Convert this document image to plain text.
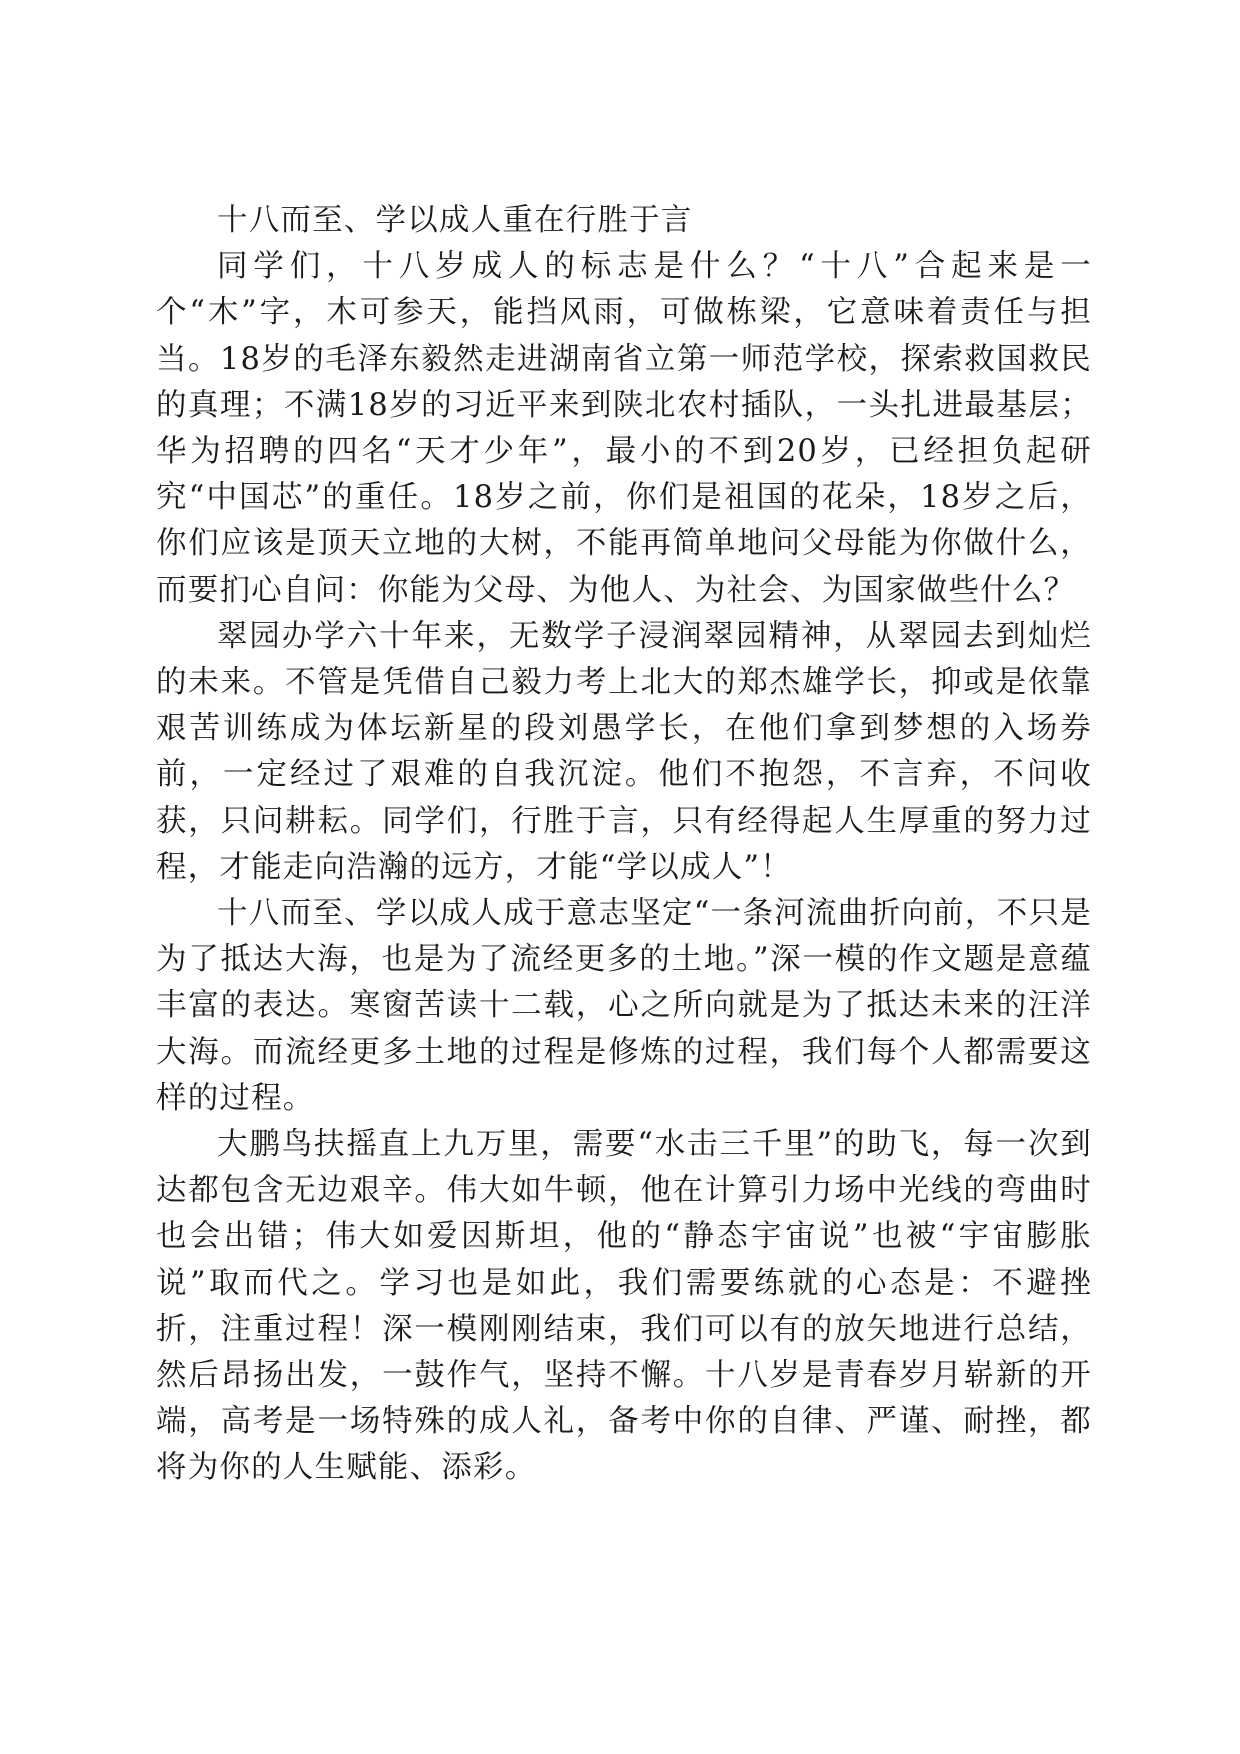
十八而至、学以成人重在行胜于言

同学们，十八岁成人的标志是什么？“十八”合起来是一个“木”字，木可参天，能挡风雨，可做栋梁，它意味着责任与担当。18岁的毛泽东毅然走进湖南省立第一师范学校，探索救国救民的真理；不满18岁的习近平来到陕北农村插队，一头扎进最基层；华为招聘的四名“天才少年”，最小的不到20岁，已经担负起研究“中国芯”的重任。18岁之前，你们是祖国的花朵，18岁之后，你们应该是顶天立地的大树，不能再简单地问父母能为你做什么，而要扪心自问：你能为父母、为他人、为社会、为国家做些什么？

翠园办学六十年来，无数学子浸润翠园精神，从翠园去到灿烂的未来。不管是凭借自己毅力考上北大的郑杰雄学长，抑或是依靠艰苦训练成为体坛新星的段刘愚学长，在他们拿到梦想的入场券前，一定经过了艰难的自我沉淀。他们不抱怨，不言弃，不问收获，只问耕耘。同学们，行胜于言，只有经得起人生厚重的努力过程，才能走向浩瀚的远方，才能“学以成人”！

十八而至、学以成人成于意志坚定“一条河流曲折向前，不只是为了抵达大海，也是为了流经更多的土地。”深一模的作文题是意蕴丰富的表达。寒窗苦读十二载，心之所向就是为了抵达未来的汪洋大海。而流经更多土地的过程是修炼的过程，我们每个人都需要这样的过程。

大鹏鸟扶摇直上九万里，需要“水击三千里”的助飞，每一次到达都包含无边艰辛。伟大如牛顿，他在计算引力场中光线的弯曲时也会出错；伟大如爱因斯坦，他的“静态宇宙说”也被“宇宙膨胀说”取而代之。学习也是如此，我们需要练就的心态是：不避挫折，注重过程！深一模刚刚结束，我们可以有的放矢地进行总结，然后昂扬出发，一鼓作气，坚持不懈。十八岁是青春岁月崭新的开端，高考是一场特殊的成人礼，备考中你的自律、严谨、耐挫，都将为你的人生赋能、添彩。
